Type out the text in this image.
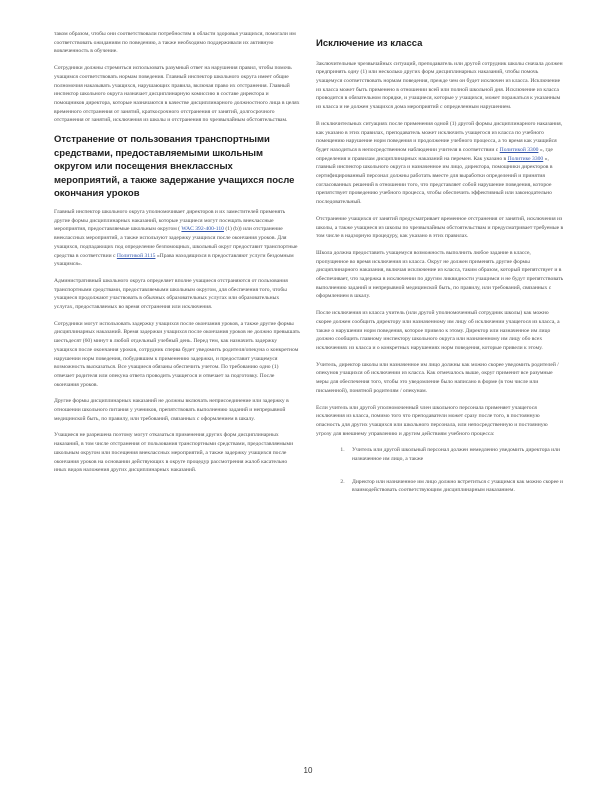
таком образом, чтобы они соответствовали потребностям в области здоровья учащихся, помогали им соответствовать ожиданиям по поведению, а также необходимо поддерживали их активную вовлеченность в обучение.

Сотрудники должны стремиться использовать разумный ответ на нарушения правил, чтобы помочь учащимся соответствовать нормам поведения. Главный инспектор школьного округа имеет общие полномочия наказывать учащихся, нарушающих правила, включая право их отстранения. Главный инспектор школьного округа назначает дисциплинарную комиссию в составе директора и помощников директора, которые назначаются в качестве дисциплинарного должностного лица в целях временного отстранения от занятий, краткосрочного отстранения от занятий, долгосрочного отстранения от занятий, исключения из школы и отстранения по чрезвычайным обстоятельствам.

Отстранение от пользования транспортными средствами, предоставляемыми школьным округом или посещения внеклассных мероприятий, а также задержание учащихся после окончания уроков

Главный инспектор школьного округа уполномочивает директоров и их заместителей применять другие формы дисциплинарных наказаний, которые учащиеся могут посещать внеклассные мероприятия, предоставляемые школьным округом ( WAC 392-400-110 (1) (b)) или отстранение внеклассных мероприятий, а также используют задержку учащихся после окончания уроков. Для учащихся, подпадающих под определение безпомощных, школьный округ предоставит транспортные средства в соответствии с Политикой 3115 «Права находящихся в предоставляют услуги бездомным учащимся».

Административный школьного округа определяет вполне учащиеся отстраняются от пользования транспортными средствами, предоставляемыми школьным округом, для обеспечения того, чтобы учащиеся продолжают участвовать в обычных образовательных услугах или образовательных услугах, предоставляемых во время отстранения или исключения.

Сотрудники могут использовать задержку учащихся после окончания уроков, а также другие формы дисциплинарных наказаний. Время задержки учащихся после окончания уроков не должно превышать шестьдесят (60) минут в любой отдельный учебный день. Перед тем, как назначить задержку учащихся после окончания уроков, сотрудник сперва будет уведомить родителя/опекуна о конкретном нарушении норм поведения, побудившим к применению задержки, и предоставит учащемуся возможность высказаться. Все учащиеся обязаны обеспечить учетом. По требованию одно (1) отвечает родителя или опекуна ответа проводить учащегося и отвечает за подготовку. После окончания уроков.

Другие формы дисциплинарных наказаний не должны включать неприсоединение или задержку в отношении школьного питания у учеников, препятствовать выполнению заданий и непрерывной медицинской быть, по правилу, или требований, связанных с оформлением в шкалу.

Учащиеся не разрешена поэтому могут отказаться применения других форм дисциплинарных наказаний, в том числе отстранения от пользования транспортными средствами, предоставляемыми школьным округом или посещения внеклассных мероприятий, а также задержку учащихся после окончания уроков на основании действующих в округе процедур рассмотрения жалоб касательно иных видов наложения других дисциплинарных наказаний.

Исключение из класса

Заключительные чрезвычайных ситуаций, преподаватель или другой сотрудник школы сначала должен предпринять одну (1) или несколько других форм дисциплинарных наказаний, чтобы помочь учащемуся соответствовать нормам поведения, прежде чем он будет исключен из класса. Исключение из класса может быть применено в отношении всей или полной школьной дня. Исключение из класса проводится в обязательном порядке, и учащиеся, которые у учащихся, может поражаться к указанным из класса и не должен учащихся дома мероприятий с определенным нарушением.

В исключительных ситуациях после применения одной (1) другой формы дисциплинарного наказания, как указано в этих правилах, преподаватель может исключить учащегося из класса по учебного помещению нарушение норм поведения и продолжение учебного процесса, а то время как учащийся будет находиться в непосредственном наблюдении учителя в соответствии с Политикой 3300 », где определения и правилам дисциплинарных наказаний на перемен. Как указано в Политике 3300 », главный инспектор школьного округа и назначенное им лицо, директора, помощники директоров в сертифицированный персонал должны работать вместе для выработки определений и принятия согласованных решений в отношении того, что представляет собой нарушение поведения, которое препятствует проведению учебного процесса, чтобы обеспечить эффективный или законодательно последовательный.

Отстранение учащихся от занятий предусматривает временное отстранения от занятий, исключения из школы, а также учащиеся из школы по чрезвычайным обстоятельствам и предусматривает требуемые в том числе в надзорную процедуру, как указано в этих правилах.

Школа должна предоставить учащемуся возможность выполнить любое задание в классе, пропущенное во время исключения из класса. Округ не должен применять другие формы дисциплинарного наказания, включая исключение из класса, таким образом, который препятствует и в обеспечивает, что задержка в исключении по другим ликвидности учащимся и не будут препятствовать выполнению заданий и непрерывной медицинской быть, по правилу, или требований, связанных с оформлением в шкалу.

После исключения из класса учитель (или другой уполномоченный сотрудник школы) как можно скорее должен сообщить директору или назначенному им лицу об исключении учащегося из класса, а также о нарушении норм поведения, которое привело к этому. Директор или назначенное им лицо должно сообщить главному инспектору школьного округа или назначенному им лицу обо всех исключениях из класса и о конкретных нарушениях норм поведения, которые привели к этому.

Учитель, директор школы или назначенное им лицо должны как можно скорее уведомить родителей / опекунов учащихся об исключении из класса. Как отмечалось выше, округ применит все разумные меры для обеспечения того, чтобы это уведомление было написано в форме (в том числе или письменной), понятной родителям / опекунам.

Если учитель или другой уполномоченный член школьного персонала применяет учащегося исключения из класса, помимо того что преподаватели может сразу после того, в постоянную опасность для других учащихся или школьного персонала, или непосредственную и постоянную угрозу для внешнему управлению и другим действиям учебного процесса:

1. Учитель или другой школьный персонал должен немедленно уведомить директора или назначенное им лицо, а также
2. Директор или назначенное им лицо должно встретиться с учащимся как можно скорее и взаимодействовать соответствующим дисциплинарным наказанием.
10
